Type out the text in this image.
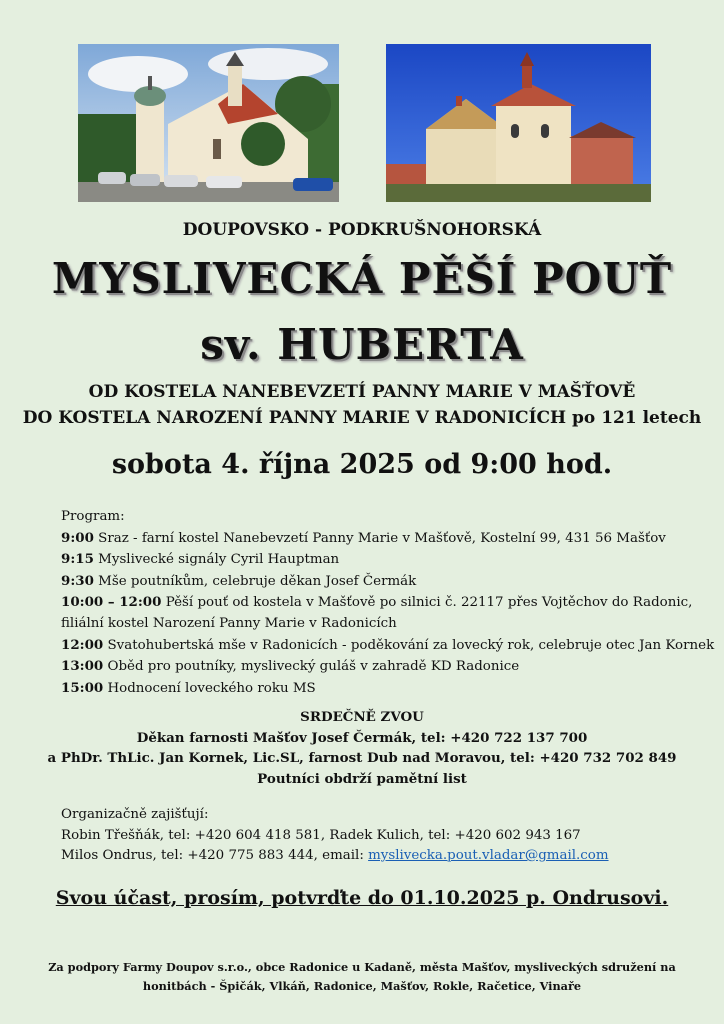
DOUPOVSKO - PODKRUŠNOHORSKÁ
MYSLIVECKÁ PĚŠÍ POUŤ
sv. HUBERTA
OD KOSTELA NANEBEVZETÍ PANNY MARIE V MAŠŤOVĚ
DO KOSTELA NAROZENÍ PANNY MARIE V RADONICÍCH po 121 letech
sobota 4. října 2025 od 9:00 hod.
Program:
9:00 Sraz - farní kostel Nanebevzetí Panny Marie v Mašťově, Kostelní 99, 431 56 Mašťov
9:15 Myslivecké signály Cyril Hauptman
9:30 Mše poutníkům, celebruje děkan Josef Čermák
10:00 – 12:00 Pěší pouť od kostela v Mašťově po silnici č. 22117 přes Vojtěchov do Radonic,
filiální kostel Narození Panny Marie v Radonicích
12:00 Svatohubertská mše v Radonicích - poděkování za lovecký rok, celebruje otec Jan Kornek
13:00 Oběd pro poutníky, myslivecký guláš v zahradě KD Radonice
15:00 Hodnocení loveckého roku MS
SRDEČNĚ ZVOU
Děkan farnosti Mašťov Josef Čermák, tel: +420 722 137 700
a PhDr. ThLic. Jan Kornek, Lic.SL, farnost Dub nad Moravou, tel: +420 732 702 849
Poutníci obdrží pamětní list
Organizačně zajišťují:
Robin Třešňák, tel: +420 604 418 581, Radek Kulich, tel: +420 602 943 167
Milos Ondrus, tel: +420 775 883 444, email: myslivecka.pout.vladar@gmail.com
Svou účast, prosím, potvrďte do 01.10.2025 p. Ondrusovi.
Za podpory Farmy Doupov s.r.o., obce Radonice u Kadaně, města Mašťov, mysliveckých sdružení na
honitbách - Špičák, Vlkáň, Radonice, Mašťov, Rokle, Račetice, Vinaře
